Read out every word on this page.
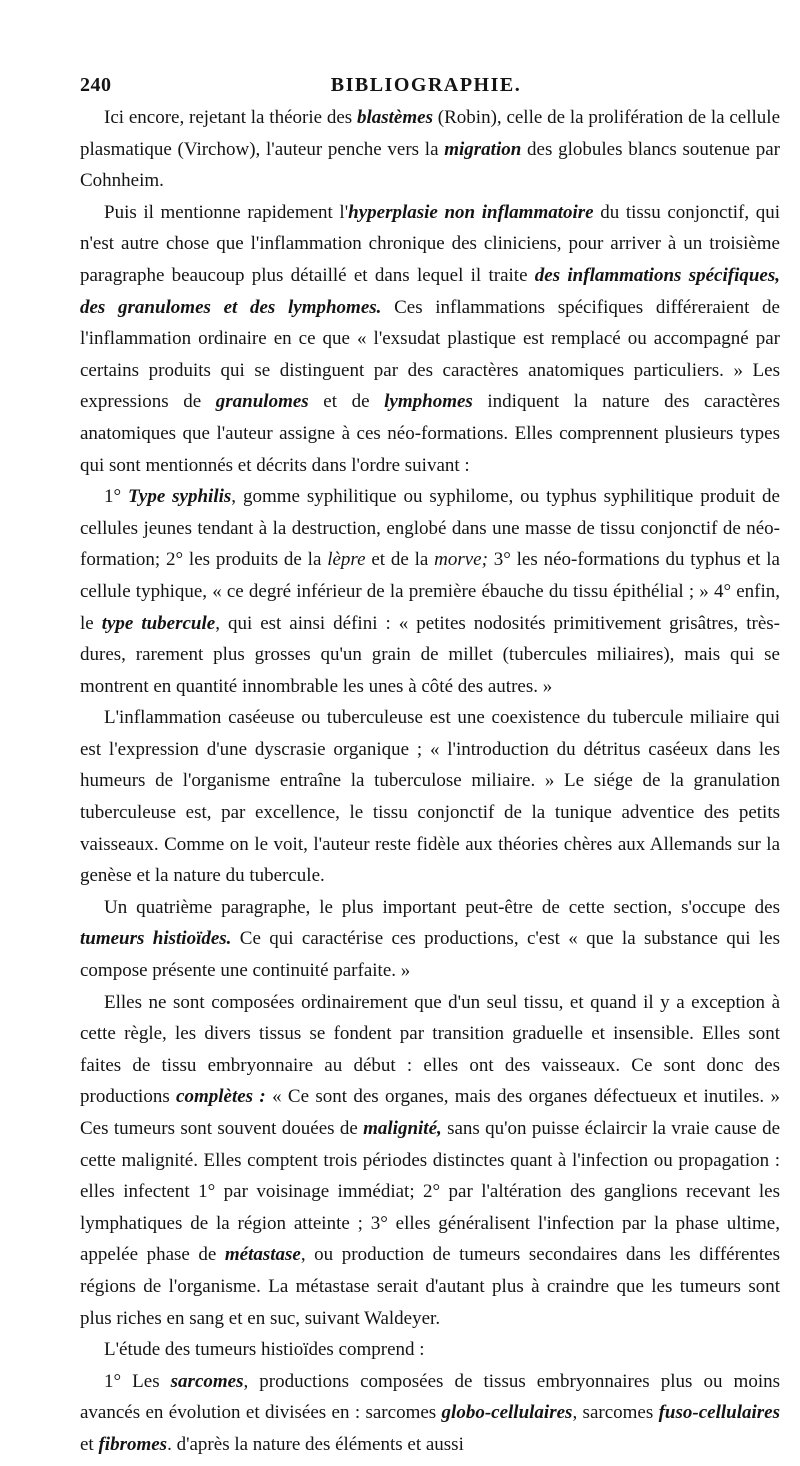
240	BIBLIOGRAPHIE.

Ici encore, rejetant la théorie des blastèmes (Robin), celle de la prolifération de la cellule plasmatique (Virchow), l'auteur penche vers la migration des globules blancs soutenue par Cohnheim.

Puis il mentionne rapidement l'hyperplasie non inflammatoire du tissu conjonctif, qui n'est autre chose que l'inflammation chronique des cliniciens, pour arriver à un troisième paragraphe beaucoup plus détaillé et dans lequel il traite des inflammations spécifiques, des granulomes et des lymphomes. Ces inflammations spécifiques différeraient de l'inflammation ordinaire en ce que « l'exsudat plastique est remplacé ou accompagné par certains produits qui se distinguent par des caractères anatomiques particuliers. » Les expressions de granulomes et de lymphomes indiquent la nature des caractères anatomiques que l'auteur assigne à ces néo-formations. Elles comprennent plusieurs types qui sont mentionnés et décrits dans l'ordre suivant :

1° Type syphilis, gomme syphilitique ou syphilome, ou typhus syphilitique produit de cellules jeunes tendant à la destruction, englobé dans une masse de tissu conjonctif de néo-formation; 2° les produits de la lèpre et de la morve; 3° les néo-formations du typhus et la cellule typhique, « ce degré inférieur de la première ébauche du tissu épithélial ; » 4° enfin, le type tubercule, qui est ainsi défini : « petites nodosités primitivement grisâtres, très-dures, rarement plus grosses qu'un grain de millet (tubercules miliaires), mais qui se montrent en quantité innombrable les unes à côté des autres. »

L'inflammation caséeuse ou tuberculeuse est une coexistence du tubercule miliaire qui est l'expression d'une dyscrasie organique ; « l'introduction du détritus caséeux dans les humeurs de l'organisme entraîne la tuberculose miliaire. » Le siége de la granulation tuberculeuse est, par excellence, le tissu conjonctif de la tunique adventice des petits vaisseaux. Comme on le voit, l'auteur reste fidèle aux théories chères aux Allemands sur la genèse et la nature du tubercule.

Un quatrième paragraphe, le plus important peut-être de cette section, s'occupe des tumeurs histioïdes. Ce qui caractérise ces productions, c'est « que la substance qui les compose présente une continuité parfaite. »

Elles ne sont composées ordinairement que d'un seul tissu, et quand il y a exception à cette règle, les divers tissus se fondent par transition graduelle et insensible. Elles sont faites de tissu embryonnaire au début : elles ont des vaisseaux. Ce sont donc des productions complètes : « Ce sont des organes, mais des organes défectueux et inutiles. » Ces tumeurs sont souvent douées de malignité, sans qu'on puisse éclaircir la vraie cause de cette malignité. Elles comptent trois périodes distinctes quant à l'infection ou propagation : elles infectent 1° par voisinage immédiat; 2° par l'altération des ganglions recevant les lymphatiques de la région atteinte ; 3° elles généralisent l'infection par la phase ultime, appelée phase de métastase, ou production de tumeurs secondaires dans les différentes régions de l'organisme. La métastase serait d'autant plus à craindre que les tumeurs sont plus riches en sang et en suc, suivant Waldeyer.

L'étude des tumeurs histioïdes comprend :

1° Les sarcomes, productions composées de tissus embryonnaires plus ou moins avancés en évolution et divisées en : sarcomes globo-cellulaires, sarcomes fuso-cellulaires et fibromes. d'après la nature des éléments et aussi
